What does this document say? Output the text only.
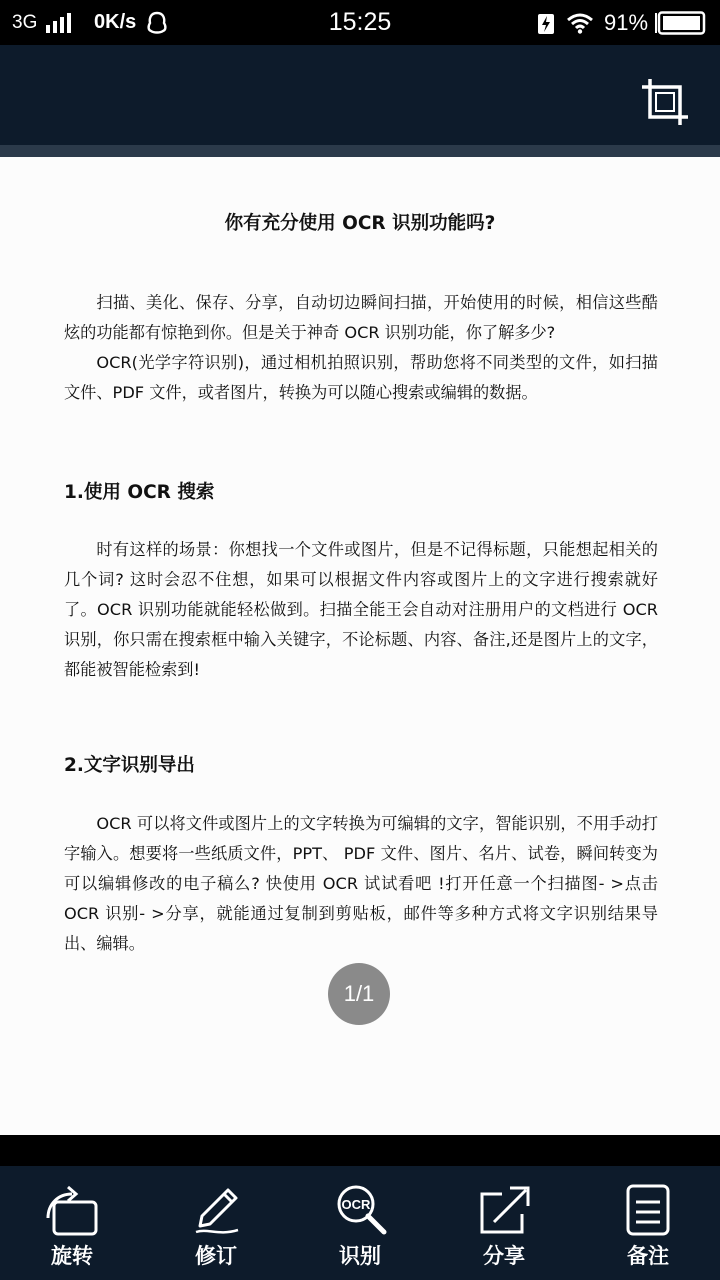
3G	0K/s	15:25	91%
你有充分使用 OCR 识别功能吗?

扫描、美化、保存、分享，自动切边瞬间扫描，开始使用的时候，相信这些酷炫的功能都有惊艳到你。但是关于神奇 OCR 识别功能，你了解多少?

OCR(光学字符识别)，通过相机拍照识别，帮助您将不同类型的文件，如扫描文件、PDF 文件，或者图片，转换为可以随心搜索或编辑的数据。

1.使用 OCR 搜索

时有这样的场景：你想找一个文件或图片，但是不记得标题，只能想起相关的几个词? 这时会忍不住想，如果可以根据文件内容或图片上的文字进行搜索就好了。OCR 识别功能就能轻松做到。扫描全能王会自动对注册用户的文档进行 OCR 识别，你只需在搜索框中输入关键字，不论标题、内容、备注,还是图片上的文字，都能被智能检索到!

2.文字识别导出

OCR 可以将文件或图片上的文字转换为可编辑的文字，智能识别，不用手动打字输入。想要将一些纸质文件，PPT、 PDF 文件、图片、名片、试卷，瞬间转变为可以编辑修改的电子稿么? 快使用 OCR 试试看吧 !打开任意一个扫描图- >点击 OCR 识别- >分享，就能通过复制到剪贴板，邮件等多种方式将文字识别结果导出、编辑。

1/1
旋转	修订
OCR
识别	分享	备注
